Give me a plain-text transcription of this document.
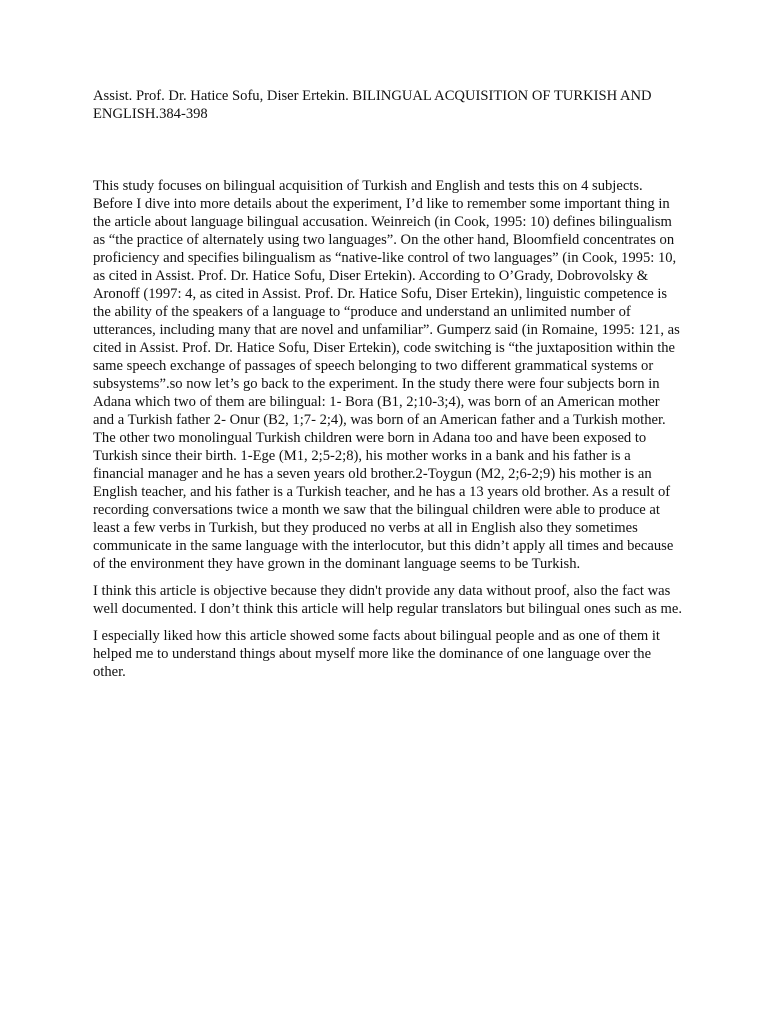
Assist. Prof. Dr. Hatice Sofu, Diser Ertekin. BILINGUAL ACQUISITION OF TURKISH AND ENGLISH.384-398

This study focuses on bilingual acquisition of Turkish and English and tests this on 4 subjects. Before I dive into more details about the experiment, I’d like to remember some important thing in the article about language bilingual accusation. Weinreich (in Cook, 1995: 10) defines bilingualism as “the practice of alternately using two languages”. On the other hand, Bloomfield concentrates on proficiency and specifies bilingualism as “native-like control of two languages” (in Cook, 1995: 10, as cited in Assist. Prof. Dr. Hatice Sofu, Diser Ertekin). According to O’Grady, Dobrovolsky & Aronoff (1997: 4, as cited in Assist. Prof. Dr. Hatice Sofu, Diser Ertekin), linguistic competence is the ability of the speakers of a language to “produce and understand an unlimited number of utterances, including many that are novel and unfamiliar”. Gumperz said (in Romaine, 1995: 121, as cited in Assist. Prof. Dr. Hatice Sofu, Diser Ertekin), code switching is “the juxtaposition within the same speech exchange of passages of speech belonging to two different grammatical systems or subsystems”.so now let’s go back to the experiment. In the study there were four subjects born in Adana which two of them are bilingual: 1- Bora (B1, 2;10-3;4), was born of an American mother and a Turkish father 2- Onur (B2, 1;7- 2;4), was born of an American father and a Turkish mother. The other two monolingual Turkish children were born in Adana too and have been exposed to Turkish since their birth. 1-Ege (M1, 2;5-2;8), his mother works in a bank and his father is a financial manager and he has a seven years old brother.2-Toygun (M2, 2;6-2;9) his mother is an English teacher, and his father is a Turkish teacher, and he has a 13 years old brother. As a result of recording conversations twice a month we saw that the bilingual children were able to produce at least a few verbs in Turkish, but they produced no verbs at all in English also they sometimes communicate in the same language with the interlocutor, but this didn’t apply all times and because of the environment they have grown in the dominant language seems to be Turkish.

I think this article is objective because they didn't provide any data without proof, also the fact was well documented. I don’t think this article will help regular translators but bilingual ones such as me.

I especially liked how this article showed some facts about bilingual people and as one of them it helped me to understand things about myself more like the dominance of one language over the other.
